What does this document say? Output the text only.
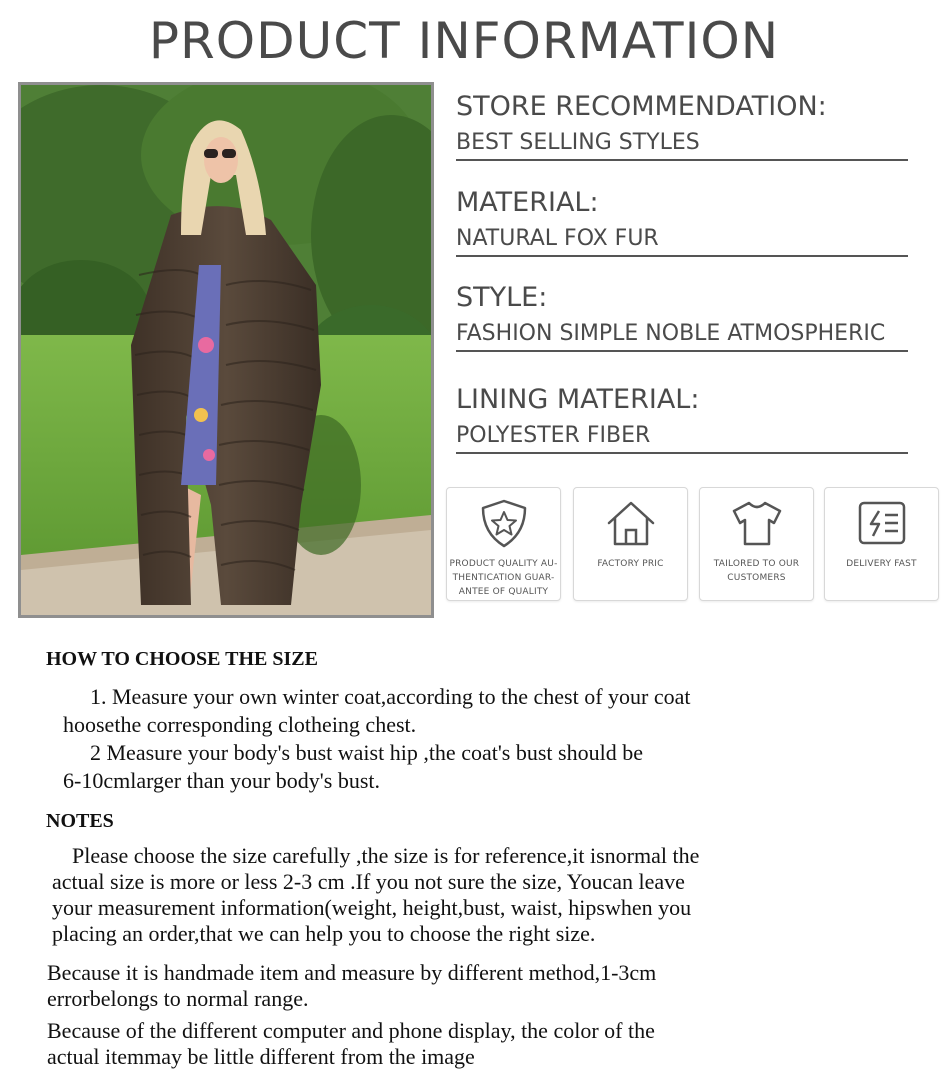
PRODUCT INFORMATION
STORE RECOMMENDATION:
BEST SELLING STYLES
MATERIAL:
NATURAL FOX FUR
STYLE:
FASHION SIMPLE NOBLE ATMOSPHERIC
LINING MATERIAL:
POLYESTER FIBER
PRODUCT QUALITY AU-
THENTICATION GUAR-
ANTEE OF QUALITY
FACTORY PRIC	TAILORED TO OUR
CUSTOMERS
DELIVERY FAST
HOW TO CHOOSE THE SIZE
1. Measure your own winter coat,according to the chest of your coat
hoosethe corresponding clotheing chest.
2 Measure your body's bust waist hip ,the coat's bust should be
6-10cmlarger than your body's bust.
NOTES
Please choose the size carefully ,the size is for reference,it isnormal the
actual size is more or less 2-3 cm .If you not sure the size, Youcan leave
your measurement information(weight, height,bust, waist, hipswhen you
placing an order,that we can help you to choose the right size.
Because it is handmade item and measure by different method,1-3cm
errorbelongs to normal range.
Because of the different computer and phone display, the color of the
actual itemmay be little different from the image
